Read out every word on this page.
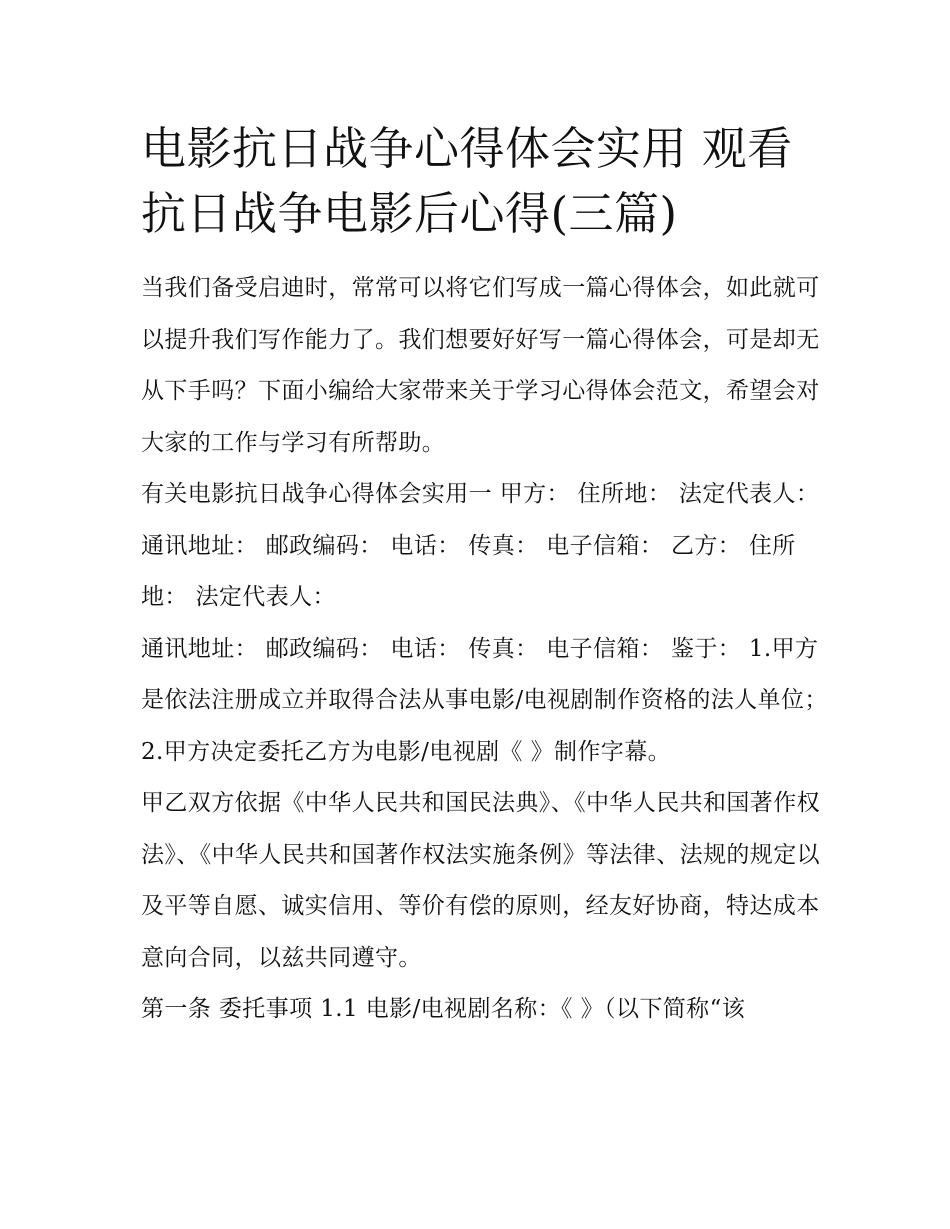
电影抗日战争心得体会实用 观看抗日战争电影后心得(三篇)

当我们备受启迪时，常常可以将它们写成一篇心得体会，如此就可以提升我们写作能力了。我们想要好好写一篇心得体会，可是却无从下手吗？下面小编给大家带来关于学习心得体会范文，希望会对大家的工作与学习有所帮助。

有关电影抗日战争心得体会实用一 甲方： 住所地： 法定代表人： 通讯地址： 邮政编码： 电话： 传真： 电子信箱： 乙方： 住所地： 法定代表人：

通讯地址： 邮政编码： 电话： 传真： 电子信箱： 鉴于： 1.甲方是依法注册成立并取得合法从事电影/电视剧制作资格的法人单位；

2.甲方决定委托乙方为电影/电视剧《 》制作字幕。

甲乙双方依据《中华人民共和国民法典》、《中华人民共和国著作权法》、《中华人民共和国著作权法实施条例》等法律、法规的规定以及平等自愿、诚实信用、等价有偿的原则，经友好协商，特达成本意向合同，以兹共同遵守。

第一条 委托事项 1.1 电影/电视剧名称：《 》（以下简称“该
